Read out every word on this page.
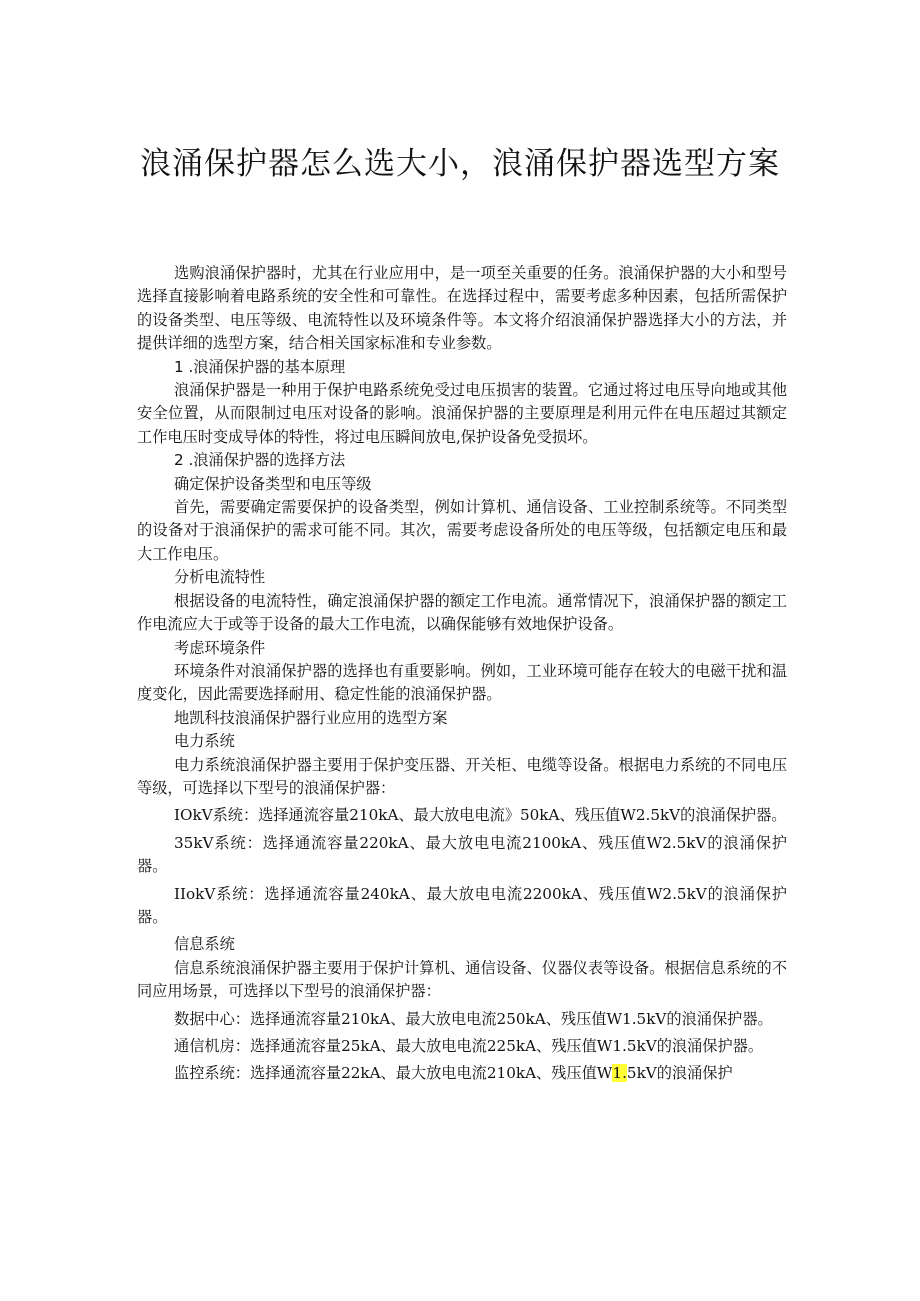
浪涌保护器怎么选大小，浪涌保护器选型方案

选购浪涌保护器时，尤其在行业应用中，是一项至关重要的任务。浪涌保护器的大小和型号选择直接影响着电路系统的安全性和可靠性。在选择过程中，需要考虑多种因素，包括所需保护的设备类型、电压等级、电流特性以及环境条件等。本文将介绍浪涌保护器选择大小的方法，并提供详细的选型方案，结合相关国家标准和专业参数。

1 .浪涌保护器的基本原理

浪涌保护器是一种用于保护电路系统免受过电压损害的装置。它通过将过电压导向地或其他安全位置，从而限制过电压对设备的影响。浪涌保护器的主要原理是利用元件在电压超过其额定工作电压时变成导体的特性，将过电压瞬间放电,保护设备免受损坏。

2 .浪涌保护器的选择方法

确定保护设备类型和电压等级

首先，需要确定需要保护的设备类型，例如计算机、通信设备、工业控制系统等。不同类型的设备对于浪涌保护的需求可能不同。其次，需要考虑设备所处的电压等级，包括额定电压和最大工作电压。

分析电流特性

根据设备的电流特性，确定浪涌保护器的额定工作电流。通常情况下，浪涌保护器的额定工作电流应大于或等于设备的最大工作电流，以确保能够有效地保护设备。

考虑环境条件

环境条件对浪涌保护器的选择也有重要影响。例如，工业环境可能存在较大的电磁干扰和温度变化，因此需要选择耐用、稳定性能的浪涌保护器。

地凯科技浪涌保护器行业应用的选型方案

电力系统

电力系统浪涌保护器主要用于保护变压器、开关柜、电缆等设备。根据电力系统的不同电压等级，可选择以下型号的浪涌保护器：

IOkV系统：选择通流容量210kA、最大放电电流》50kA、残压值W2.5kV的浪涌保护器。

35kV系统：选择通流容量220kA、最大放电电流2100kA、残压值W2.5kV的浪涌保护器。

IIokV系统：选择通流容量240kA、最大放电电流2200kA、残压值W2.5kV的浪涌保护器。

信息系统

信息系统浪涌保护器主要用于保护计算机、通信设备、仪器仪表等设备。根据信息系统的不同应用场景，可选择以下型号的浪涌保护器：

数据中心：选择通流容量210kA、最大放电电流250kA、残压值W1.5kV的浪涌保护器。

通信机房：选择通流容量25kA、最大放电电流225kA、残压值W1.5kV的浪涌保护器。

监控系统：选择通流容量22kA、最大放电电流210kA、残压值W1.5kV的浪涌保护
